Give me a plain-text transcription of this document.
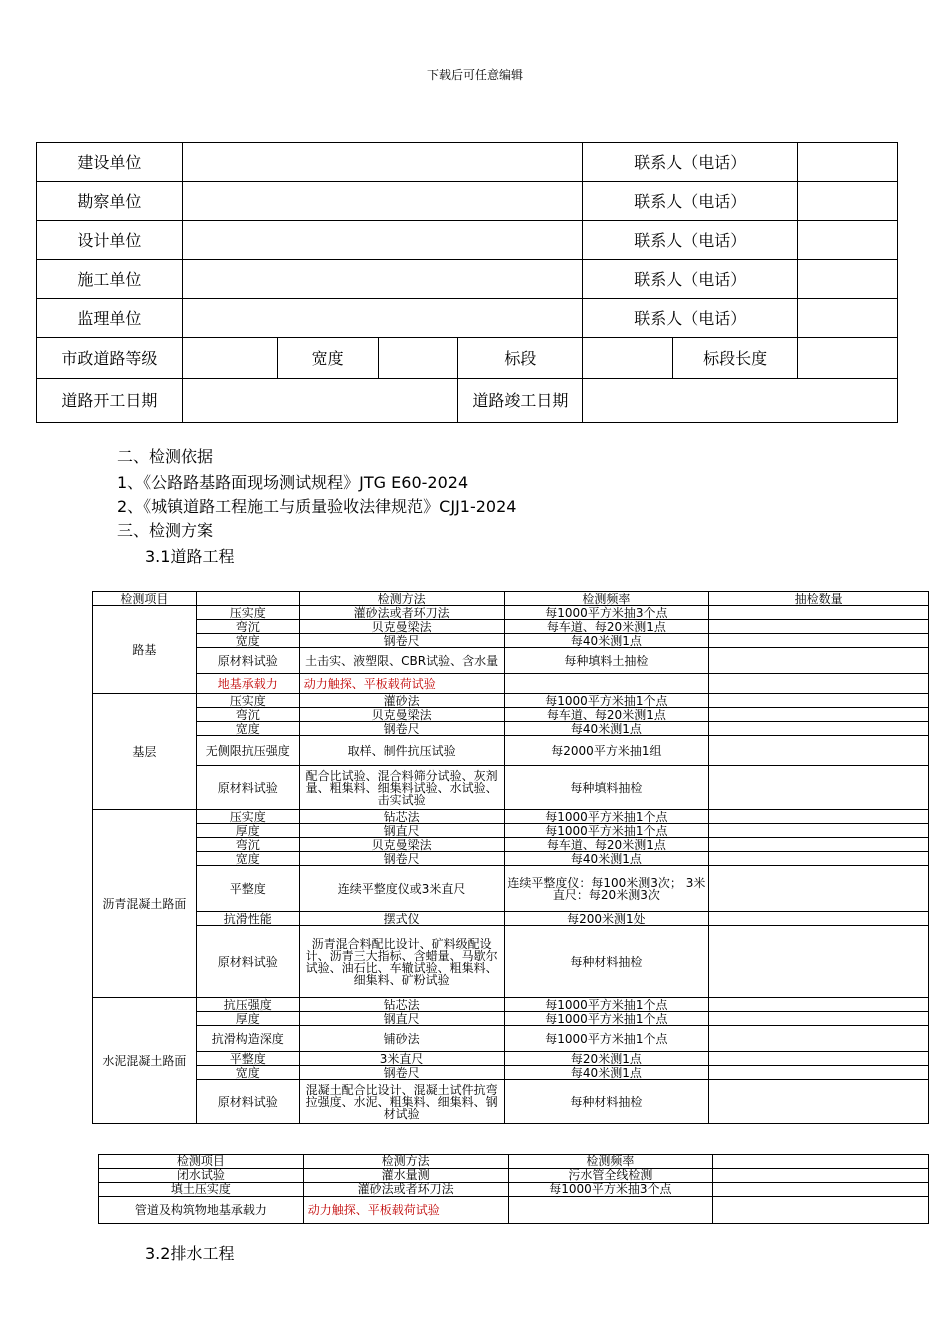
下载后可任意编辑
建设单位					联系人（电话）		
勘察单位					联系人（电话）		
设计单位					联系人（电话）		
施工单位					联系人（电话）		
监理单位					联系人（电话）		
市政道路等级		宽度		标段		标段长度	
道路开工日期				道路竣工日期			
二、检测依据
1、《公路路基路面现场测试规程》JTG E60-2024
2、《城镇道路工程施工与质量验收法律规范》CJJ1-2024
三、检测方案
3.1道路工程
检测项目		检测方法	检测频率	抽检数量
路基	压实度	灌砂法或者环刀法	每1000平方米抽3个点	
	弯沉	贝克曼梁法	每车道、每20米测1点	
	宽度	钢卷尺	每40米测1点	
	原材料试验	土击实、液塑限、CBR试验、含水量	每种填料土抽检	
	地基承载力	动力触探、平板载荷试验		
基层	压实度	灌砂法	每1000平方米抽1个点	
	弯沉	贝克曼梁法	每车道、每20米测1点	
	宽度	钢卷尺	每40米测1点	
	无侧限抗压强度	取样、制件抗压试验	每2000平方米抽1组	
	原材料试验	配合比试验、混合料筛分试验、灰剂量、粗集料、细集料试验、水试验、击实试验	每种填料抽检	
沥青混凝土路面	压实度	钻芯法	每1000平方米抽1个点	
	厚度	钢直尺	每1000平方米抽1个点	
	弯沉	贝克曼梁法	每车道、每20米测1点	
	宽度	钢卷尺	每40米测1点	
	平整度	连续平整度仪或3米直尺	连续平整度仪：每100米测3次； 3米直尺：每20米测3次	
	抗滑性能	摆式仪	每200米测1处	
	原材料试验	沥青混合料配比设计、矿料级配设计、沥青三大指标、含蜡量、马歇尔试验、油石比、车辙试验、粗集料、细集料、矿粉试验	每种材料抽检	
水泥混凝土路面	抗压强度	钻芯法	每1000平方米抽1个点	
	厚度	钢直尺	每1000平方米抽1个点	
	抗滑构造深度	铺砂法	每1000平方米抽1个点	
	平整度	3米直尺	每20米测1点	
	宽度	钢卷尺	每40米测1点	
	原材料试验	混凝土配合比设计、混凝土试件抗弯拉强度、水泥、粗集料、细集料、钢材试验	每种材料抽检	
检测项目	检测方法	检测频率	
闭水试验	灌水量测	污水管全线检测	
填土压实度	灌砂法或者环刀法	每1000平方米抽3个点	
管道及构筑物地基承载力	动力触探、平板载荷试验		
3.2排水工程
